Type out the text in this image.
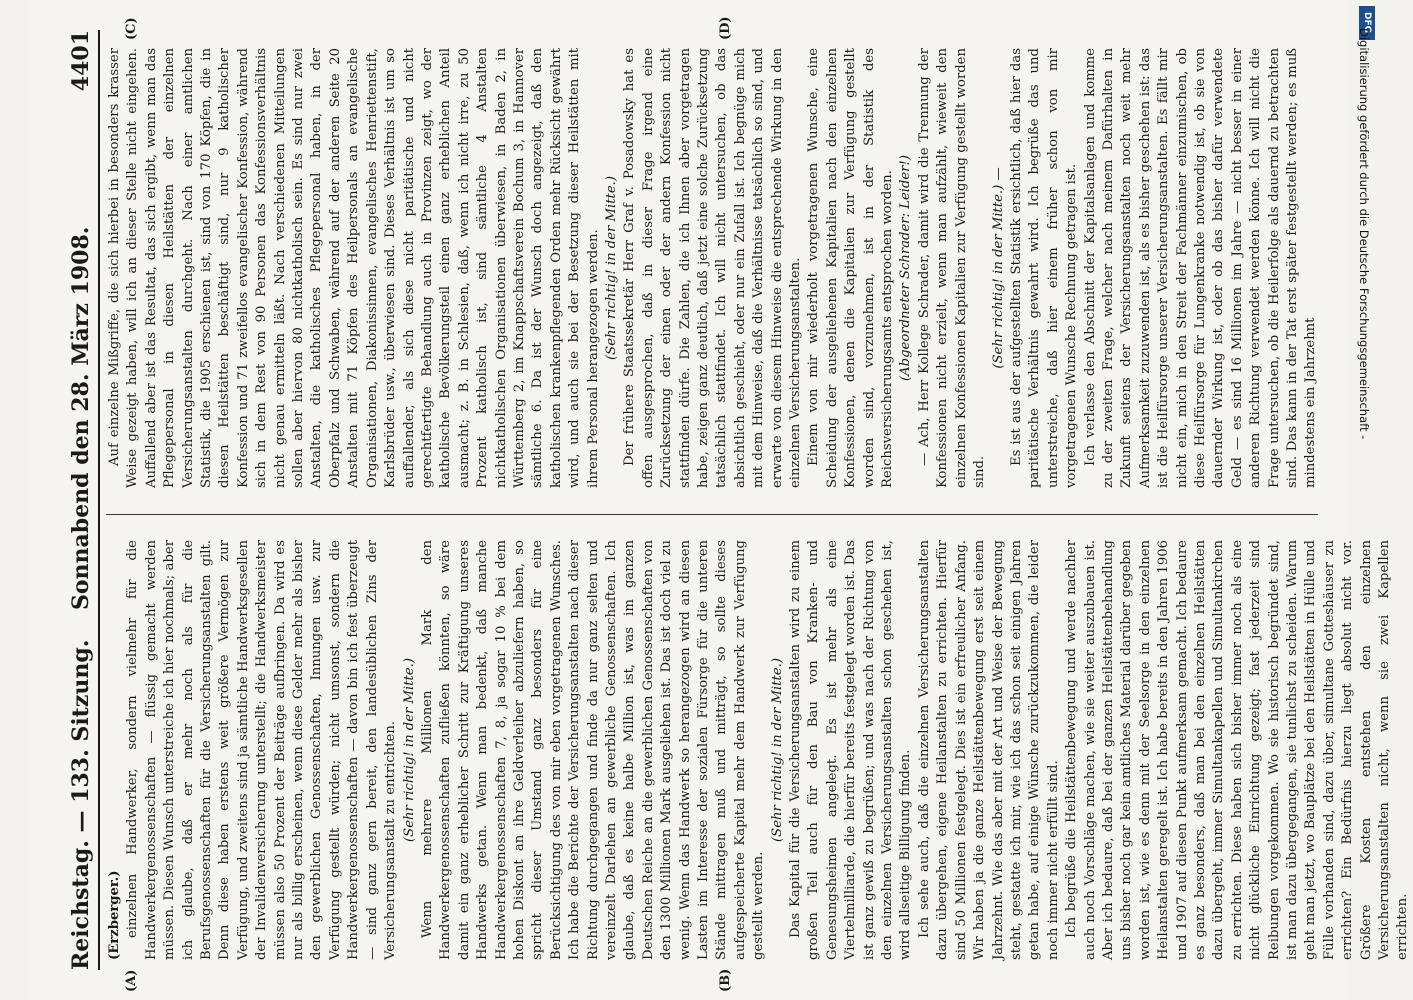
Reichstag. — 133. Sitzung.
Sonnabend den 28. März 1908.
4401
(A)	(B)
(C)	(D)

(Erzberger.) einzelnen Handwerker, sondern vielmehr für die Handwerkergenossenschaften — flüssig gemacht werden müssen. Diesen Wunsch unterstreiche ich hier nochmals; aber ich glaube, daß er mehr noch als für die Berufsgenossenschaften für die Versicherungsanstalten gilt. Denn diese haben erstens weit größere Vermögen zur Verfügung, und zweitens sind ja sämtliche Handwerksgesellen der Invalidenversicherung unterstellt; die Handwerksmeister müssen also 50 Prozent der Beiträge aufbringen. Da wird es nur als billig erscheinen, wenn diese Gelder mehr als bisher den gewerblichen Genossenschaften, Innungen usw. zur Verfügung gestellt würden; nicht umsonst, sondern die Handwerkergenossenschaften — davon bin ich fest überzeugt — sind ganz gern bereit, den landesüblichen Zins der Versicherungsanstalt zu entrichten. (Sehr richtig! in der Mitte.) Wenn mehrere Millionen Mark den Handwerkergenossenschaften zufließen könnten, so wäre damit ein ganz erheblicher Schritt zur Kräftigung unseres Handwerks getan. Wenn man bedenkt, daß manche Handwerkergenossenschaften 7, 8, ja sogar 10 % bei dem hohen Diskont an ihre Geldverleiher abzuliefern haben, so spricht dieser Umstand ganz besonders für eine Berücksichtigung des von mir eben vorgetragenen Wunsches. Ich habe die Berichte der Versicherungsanstalten nach dieser Richtung durchgegangen und finde da nur ganz selten und vereinzelt Darlehen an gewerbliche Genossenschaften. Ich glaube, daß es keine halbe Million ist, was im ganzen Deutschen Reiche an die gewerblichen Genossenschaften von den 1300 Millionen Mark ausgeliehen ist. Das ist doch viel zu wenig. Wenn das Handwerk so herangezogen wird an diesen Lasten im Interesse der sozialen Fürsorge für die unteren Stände mittragen muß und mitträgt, so sollte dieses aufgespeicherte Kapital mehr dem Handwerk zur Verfügung gestellt werden.

(Sehr richtig! in der Mitte.) Das Kapital für die Versicherungsanstalten wird zu einem großen Teil auch für den Bau von Kranken- und Genesungsheimen angelegt. Es ist mehr als eine Viertelmilliarde, die hierfür bereits festgelegt worden ist. Das ist ganz gewiß zu begrüßen; und was nach der Richtung von den einzelnen Versicherungsanstalten schon geschehen ist, wird allseitige Billigung finden. Ich sehe auch, daß die einzelnen Versicherungsanstalten dazu übergehen, eigene Heilanstalten zu errichten. Hierfür sind 50 Millionen festgelegt. Dies ist ein erfreulicher Anfang. Wir haben ja die ganze Heilstättenbewegung erst seit einem Jahrzehnt. Wie das aber mit der Art und Weise der Bewegung steht, gestatte ich mir, wie ich das schon seit einigen Jahren getan habe, auf einige Wünsche zurückzukommen, die leider noch immer nicht erfüllt sind. Ich begrüße die Heilstättenbewegung und werde nachher auch noch Vorschläge machen, wie sie weiter auszubauen ist. Aber ich bedaure, daß bei der ganzen Heilstättenbehandlung uns bisher noch gar kein amtliches Material darüber gegeben worden ist, wie es denn mit der Seelsorge in den einzelnen Heilanstalten geregelt ist. Ich habe bereits in den Jahren 1906 und 1907 auf diesen Punkt aufmerksam gemacht. Ich bedaure es ganz besonders, daß man bei den einzelnen Heilstätten dazu übergeht, immer Simultankapellen und Simultankirchen zu errichten. Diese haben sich bisher immer noch als eine nicht glückliche Einrichtung gezeigt; fast jederzeit sind Reibungen vorgekommen. Wo sie historisch begründet sind, ist man dazu übergegangen, sie tunlichst zu scheiden. Warum geht man jetzt, wo Bauplätze bei den Heilstätten in Hülle und Fülle vorhanden sind, dazu über, simultane Gotteshäuser zu errichten? Ein Bedürfnis hierzu liegt absolut nicht vor. Größere Kosten entstehen den einzelnen Versicherungsanstalten nicht, wenn sie zwei Kapellen errichten.

Auf einzelne Mißgriffe, die sich hierbei in besonders krasser Weise gezeigt haben, will ich an dieser Stelle nicht eingehen. Auffallend aber ist das Resultat, das sich ergibt, wenn man das Pflegepersonal in diesen Heilstätten der einzelnen Versicherungsanstalten durchgeht. Nach einer amtlichen Statistik, die 1905 erschienen ist, sind von 170 Köpfen, die in diesen Heilstätten beschäftigt sind, nur 9 katholischer Konfession und 71 zweifellos evangelischer Konfession, während sich in dem Rest von 90 Personen das Konfessionsverhältnis nicht genau ermitteln läßt. Nach verschiedenen Mitteilungen sollen aber hiervon 80 nichtkatholisch sein. Es sind nur zwei Anstalten, die katholisches Pflegepersonal haben, in der Oberpfalz und Schwaben, während auf der anderen Seite 20 Anstalten mit 71 Köpfen des Heilpersonals an evangelische Organisationen, Diakonissinnen, evangelisches Henriettenstift, Karlsbrüder usw., überwiesen sind. Dieses Verhältnis ist um so auffallender, als sich diese nicht paritätische und nicht gerechtfertigte Behandlung auch in Provinzen zeigt, wo der katholische Bevölkerungsteil einen ganz erheblichen Anteil ausmacht; z. B. in Schlesien, daß, wenn ich nicht irre, zu 50 Prozent katholisch ist, sind sämtliche 4 Anstalten nichtkatholischen Organisationen überwiesen, in Baden 2, in Württemberg 2, im Knappschaftsverein Bochum 3, in Hannover sämtliche 6. Da ist der Wunsch doch angezeigt, daß den katholischen krankenpflegenden Orden mehr Rücksicht gewährt wird, und auch sie bei der Besetzung dieser Heilstätten mit ihrem Personal herangezogen werden. (Sehr richtig! in der Mitte.) Der frühere Staatssekretär Herr Graf v. Posadowsky hat es offen ausgesprochen, daß in dieser Frage irgend eine Zurücksetzung der einen oder der andern Konfession nicht stattfinden dürfe. Die Zahlen, die ich Ihnen aber vorgetragen habe, zeigen ganz deutlich, daß jetzt eine solche Zurücksetzung tatsächlich stattfindet. Ich will nicht untersuchen, ob das absichtlich geschieht, oder nur ein Zufall ist. Ich begnüge mich mit dem Hinweise, daß die Verhältnisse tatsächlich so sind, und erwarte von diesem Hinweise die entsprechende Wirkung in den einzelnen Versicherungsanstalten. Einem von mir wiederholt vorgetragenen Wunsche, eine Scheidung der ausgeliehenen Kapitalien nach den einzelnen Konfessionen, denen die Kapitalien zur Verfügung gestellt worden sind, vorzunehmen, ist in der Statistik des Reichsversicherungsamts entsprochen worden. (Abgeordneter Schrader: Leider!) — Ach, Herr Kollege Schrader, damit wird die Trennung der Konfessionen nicht erzielt, wenn man aufzählt, wieweit den einzelnen Konfessionen Kapitalien zur Verfügung gestellt worden sind.

(Sehr richtig! in der Mitte.) — Es ist aus der aufgestellten Statistik ersichtlich, daß hier das paritätische Verhältnis gewahrt wird. Ich begrüße das und unterstreiche, daß hier einem früher schon von mir vorgetragenen Wunsche Rechnung getragen ist. Ich verlasse den Abschnitt der Kapitalsanlagen und komme zu der zweiten Frage, welcher nach meinem Dafürhalten in Zukunft seitens der Versicherungsanstalten noch weit mehr Aufmerksamkeit zuzuwenden ist, als es bisher geschehen ist: das ist die Heilfürsorge unserer Versicherungsanstalten. Es fällt mir nicht ein, mich in den Streit der Fachmänner einzumischen, ob diese Heilfürsorge für Lungenkranke notwendig ist, ob sie von dauernder Wirkung ist, oder ob das bisher dafür verwendete Geld — es sind 16 Millionen im Jahre — nicht besser in einer anderen Richtung verwendet werden könne. Ich will nicht die Frage untersuchen, ob die Heilerfolge als dauernd zu betrachten sind. Das kann in der Tat erst später festgestellt werden; es muß mindestens ein Jahrzehnt

DFG
Digitalisierung gefördert durch die Deutsche Forschungsgemeinschaft -
